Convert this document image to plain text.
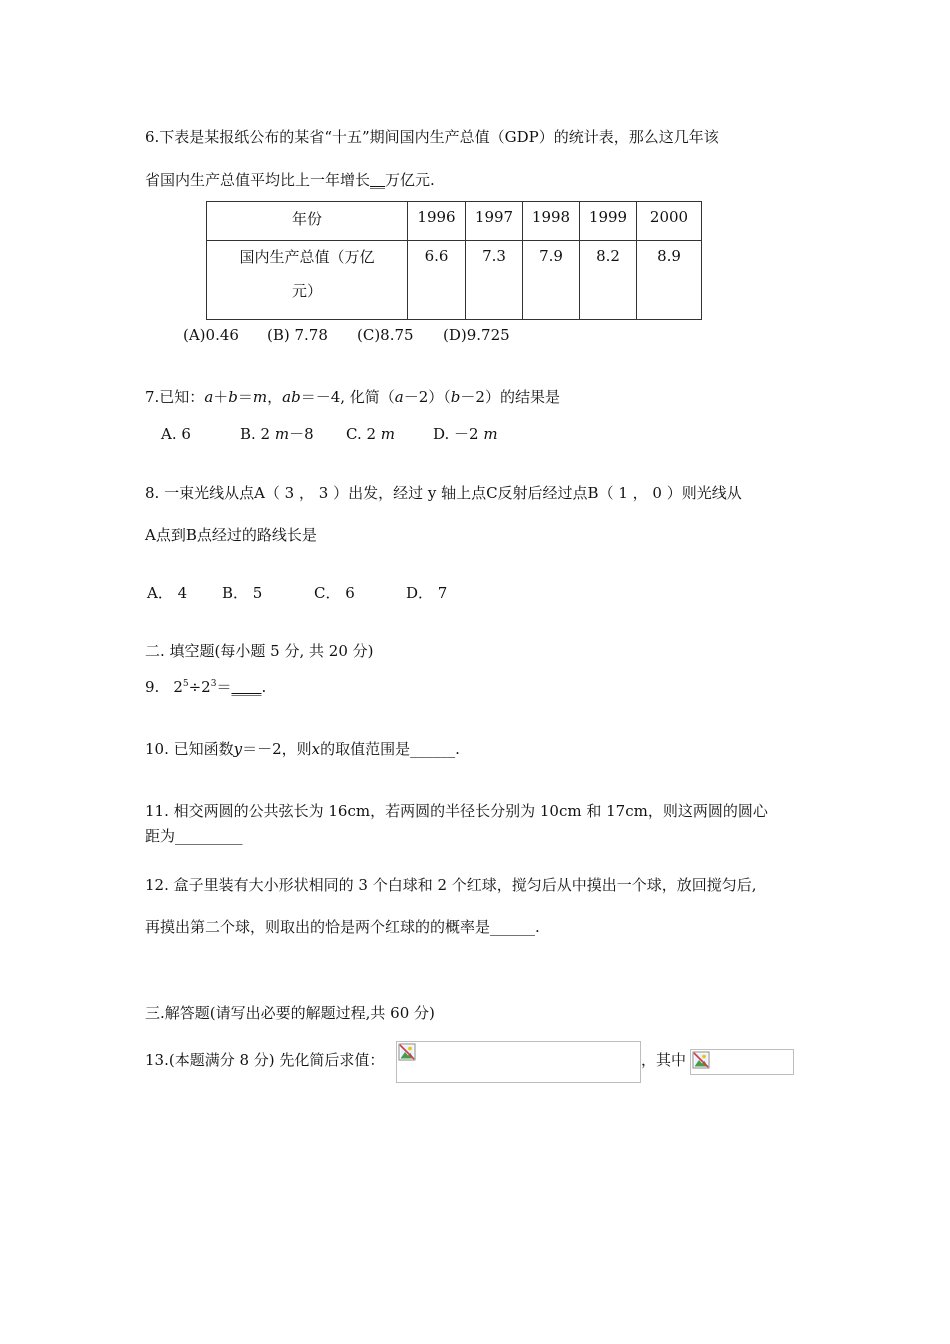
6.下表是某报纸公布的某省“十五”期间国内生产总值（GDP）的统计表，那么这几年该
省国内生产总值平均比上一年增长__万亿元.
年份	1996	1997	1998	1999	2000

国内生产总值（万亿
元）	6.6	7.3	7.9	8.2	8.9
(A)0.46 (B) 7.78 (C)8.75 (D)9.725
7.已知：a＋b＝m，ab＝－4, 化简（a－2）（b－2）的结果是
A. 6	B. 2 m－8 C. 2 m	D. －2 m
8. 一束光线从点A（ 3 ， 3 ）出发，经过 y 轴上点C反射后经过点B（ 1 ， 0 ）则光线从
A点到B点经过的路线长是
A． 4 B． 5	C． 6	D． 7
二. 填空题(每小题 5 分, 共 20 分)
9. $2^5\div 2^3=\_\_\_\_$.
10. 已知函数y＝－2，则x的取值范围是______.
11. 相交两圆的公共弦长为 16cm，若两圆的半径长分别为 10cm 和 17cm，则这两圆的圆心
距为_________
12. 盒子里装有大小形状相同的 3 个白球和 2 个红球，搅匀后从中摸出一个球，放回搅匀后,
再摸出第二个球，则取出的恰是两个红球的的概率是______.
三.解答题(请写出必要的解题过程,共 60 分)
13.(本题满分 8 分) 先化简后求值：	，其中
